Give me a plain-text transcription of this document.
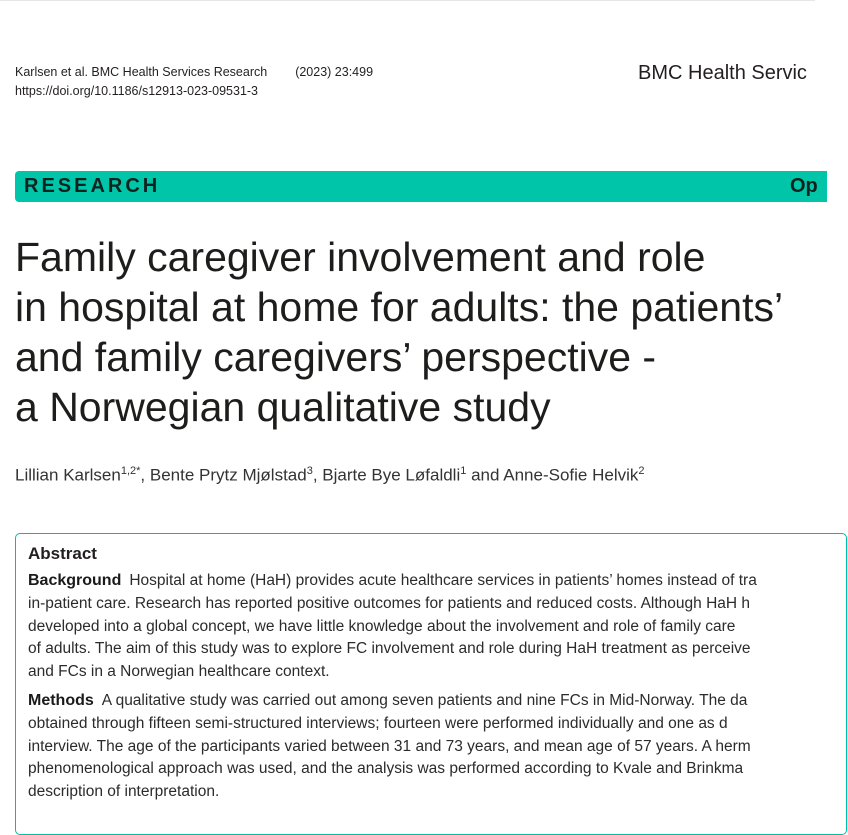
Karlsen et al. BMC Health Services Research (2023) 23:499
https://doi.org/10.1186/s12913-023-09531-3
BMC Health Servic
RESEARCH	Op
Family caregiver involvement and role
in hospital at home for adults: the patients’
and family caregivers’ perspective -
a Norwegian qualitative study
Lillian Karlsen$^{1,2*}$, Bente Prytz Mjølstad$^3$, Bjarte Bye Løfaldli$^1$ and Anne-Sofie Helvik$^2$
Abstract
Background Hospital at home (HaH) provides acute healthcare services in patients’ homes instead of tra
in-patient care. Research has reported positive outcomes for patients and reduced costs. Although HaH h
developed into a global concept, we have little knowledge about the involvement and role of family care
of adults. The aim of this study was to explore FC involvement and role during HaH treatment as perceive
and FCs in a Norwegian healthcare context.
Methods A qualitative study was carried out among seven patients and nine FCs in Mid-Norway. The da
obtained through fifteen semi-structured interviews; fourteen were performed individually and one as d
interview. The age of the participants varied between 31 and 73 years, and mean age of 57 years. A herm
phenomenological approach was used, and the analysis was performed according to Kvale and Brinkma
description of interpretation.
